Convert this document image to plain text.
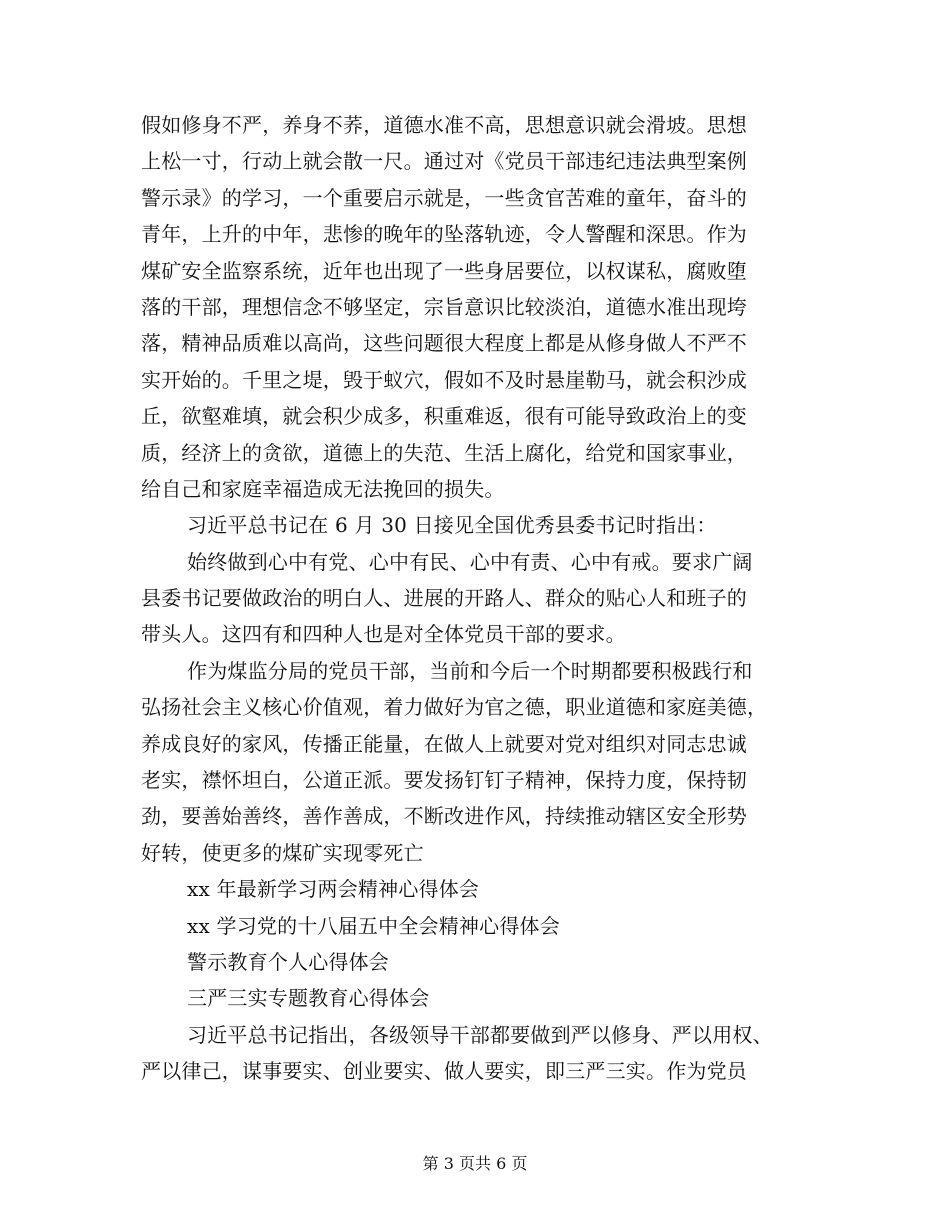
假如修身不严，养身不荞，道德水准不高，思想意识就会滑坡。思想
上松一寸，行动上就会散一尺。通过对《党员干部违纪违法典型案例
警示录》的学习，一个重要启示就是，一些贪官苦难的童年，奋斗的
青年，上升的中年，悲惨的晚年的坠落轨迹，令人警醒和深思。作为
煤矿安全监察系统，近年也出现了一些身居要位，以权谋私，腐败堕
落的干部，理想信念不够坚定，宗旨意识比较淡泊，道德水准出现垮
落，精神品质难以高尚，这些问题很大程度上都是从修身做人不严不
实开始的。千里之堤，毁于蚁穴，假如不及时悬崖勒马，就会积沙成
丘，欲壑难填，就会积少成多，积重难返，很有可能导致政治上的变
质，经济上的贪欲，道德上的失范、生活上腐化，给党和国家事业，
给自己和家庭幸福造成无法挽回的损失。
习近平总书记在 6 月 30 日接见全国优秀县委书记时指出：
始终做到心中有党、心中有民、心中有责、心中有戒。要求广阔
县委书记要做政治的明白人、进展的开路人、群众的贴心人和班子的
带头人。这四有和四种人也是对全体党员干部的要求。
作为煤监分局的党员干部，当前和今后一个时期都要积极践行和
弘扬社会主义核心价值观，着力做好为官之德，职业道德和家庭美德，
养成良好的家风，传播正能量，在做人上就要对党对组织对同志忠诚
老实，襟怀坦白，公道正派。要发扬钉钉子精神，保持力度，保持韧
劲，要善始善终，善作善成，不断改进作风，持续推动辖区安全形势
好转，使更多的煤矿实现零死亡
xx 年最新学习两会精神心得体会
xx 学习党的十八届五中全会精神心得体会
警示教育个人心得体会
三严三实专题教育心得体会
习近平总书记指出，各级领导干部都要做到严以修身、严以用权、
严以律己，谋事要实、创业要实、做人要实，即三严三实。作为党员
第 3 页共 6 页
